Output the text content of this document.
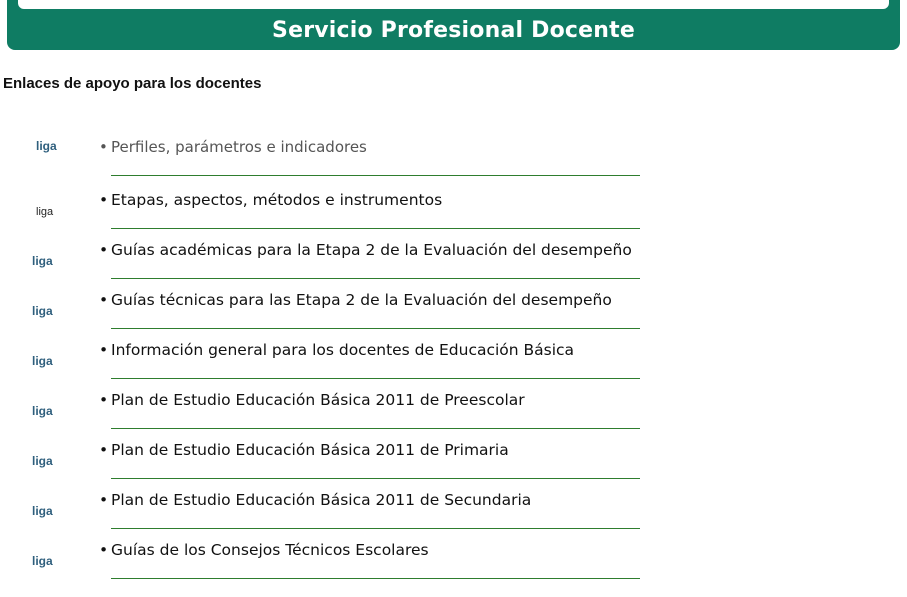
Servicio Profesional Docente
Enlaces de apoyo para los docentes
liga	• Perfiles, parámetros e indicadores
liga
• Etapas, aspectos, métodos e instrumentos
liga
• Guías académicas para la Etapa 2 de la Evaluación del desempeño
liga
• Guías técnicas para las Etapa 2 de la Evaluación del desempeño
liga
• Información general para los docentes de Educación Básica
liga
• Plan de Estudio Educación Básica 2011 de Preescolar
liga
• Plan de Estudio Educación Básica 2011 de Primaria
liga
• Plan de Estudio Educación Básica 2011 de Secundaria
liga
• Guías de los Consejos Técnicos Escolares
